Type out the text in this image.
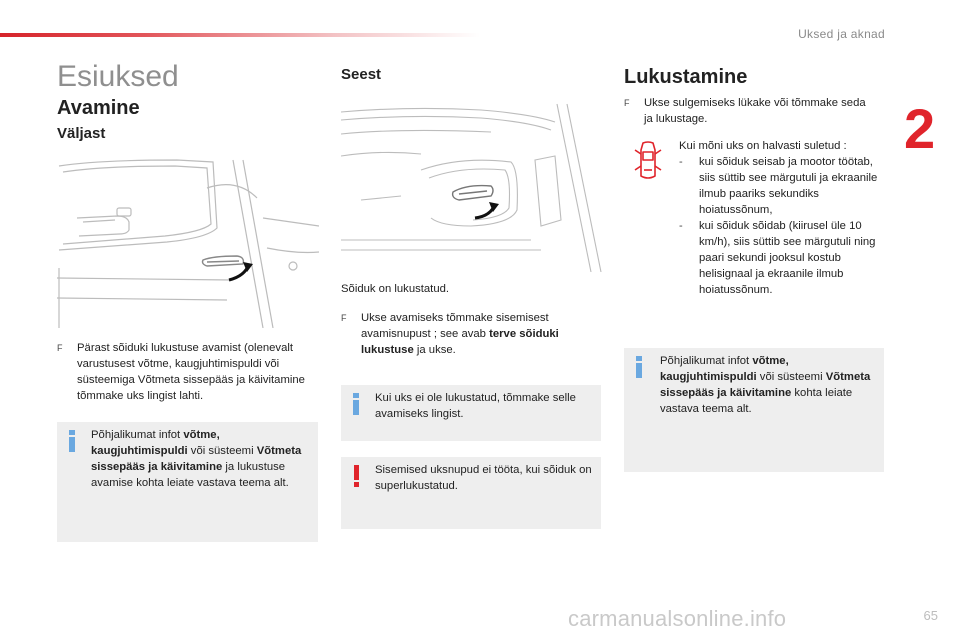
Uksed ja aknad
2
Esiuksed
Avamine
Väljast
F	Pärast sõiduki lukustuse avamist (olenevalt varustusest võtme, kaugjuhtimispuldi või süsteemiga Võtmeta sissepääs ja käivitamine tõmmake uks lingist lahti.
Põhjalikumat infot võtme, kaugjuhtimispuldi või süsteemi Võtmeta sissepääs ja käivitamine ja lukustuse avamise kohta leiate vastava teema alt.
Seest
Sõiduk on lukustatud.
F	Ukse avamiseks tõmmake sisemisest avamisnupust ; see avab terve sõiduki lukustuse ja ukse.
Kui uks ei ole lukustatud, tõmmake selle avamiseks lingist.
Sisemised uksnupud ei tööta, kui sõiduk on superlukustatud.
Lukustamine
F	Ukse sulgemiseks lükake või tõmmake seda ja lukustage.
Kui mõni uks on halvasti suletud :
-	kui sõiduk seisab ja mootor töötab, siis süttib see märgutuli ja ekraanile ilmub paariks sekundiks hoiatussõnum,
-	kui sõiduk sõidab (kiirusel üle 10 km/h), siis süttib see märgutuli ning paari sekundi jooksul kostub helisignaal ja ekraanile ilmub hoiatussõnum.
Põhjalikumat infot võtme, kaugjuhtimispuldi või süsteemi Võtmeta sissepääs ja käivitamine kohta leiate vastava teema alt.
carmanualsonline.info	65
